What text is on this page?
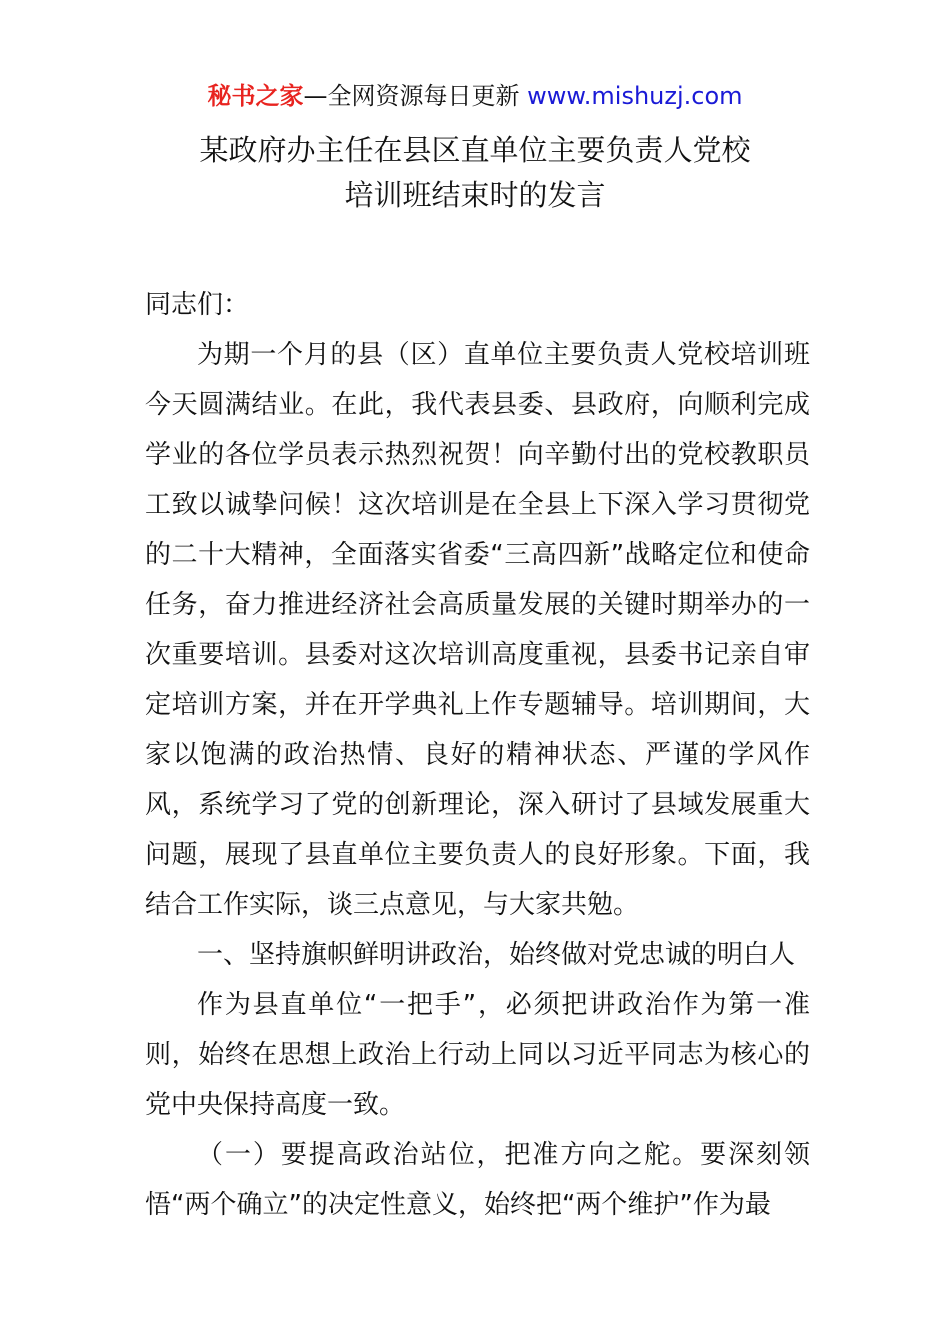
秘书之家—全网资源每日更新 www.mishuzj.com
某政府办主任在县区直单位主要负责人党校
培训班结束时的发言

同志们：

为期一个月的县（区）直单位主要负责人党校培训班今天圆满结业。在此，我代表县委、县政府，向顺利完成学业的各位学员表示热烈祝贺！向辛勤付出的党校教职员工致以诚挚问候！这次培训是在全县上下深入学习贯彻党的二十大精神，全面落实省委“三高四新”战略定位和使命任务，奋力推进经济社会高质量发展的关键时期举办的一次重要培训。县委对这次培训高度重视，县委书记亲自审定培训方案，并在开学典礼上作专题辅导。培训期间，大家以饱满的政治热情、良好的精神状态、严谨的学风作风，系统学习了党的创新理论，深入研讨了县域发展重大问题，展现了县直单位主要负责人的良好形象。下面，我结合工作实际，谈三点意见，与大家共勉。

一、坚持旗帜鲜明讲政治，始终做对党忠诚的明白人

作为县直单位“一把手”，必须把讲政治作为第一准则，始终在思想上政治上行动上同以习近平同志为核心的党中央保持高度一致。

（一）要提高政治站位，把准方向之舵。要深刻领悟“两个确立”的决定性意义，始终把“两个维护”作为最
